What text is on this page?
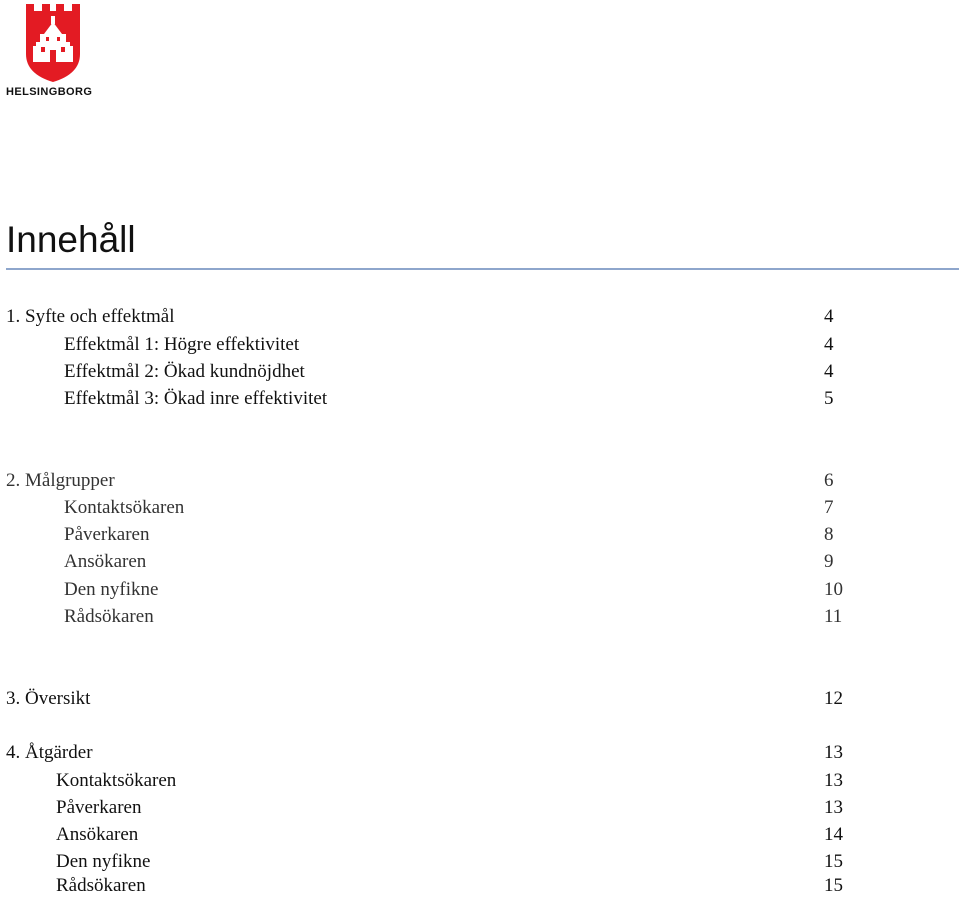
HELSINGBORG
Innehåll
1. Syfte och effektmål	4
Effektmål 1: Högre effektivitet	4
Effektmål 2: Ökad kundnöjdhet	4
Effektmål 3: Ökad inre effektivitet	5
2. Målgrupper	6
Kontaktsökaren	7
Påverkaren	8
Ansökaren	9
Den nyfikne	10
Rådsökaren	11
3. Översikt	12
4. Åtgärder	13
Kontaktsökaren	13
Påverkaren	13
Ansökaren	14
Den nyfikne	15
Rådsökaren	15
